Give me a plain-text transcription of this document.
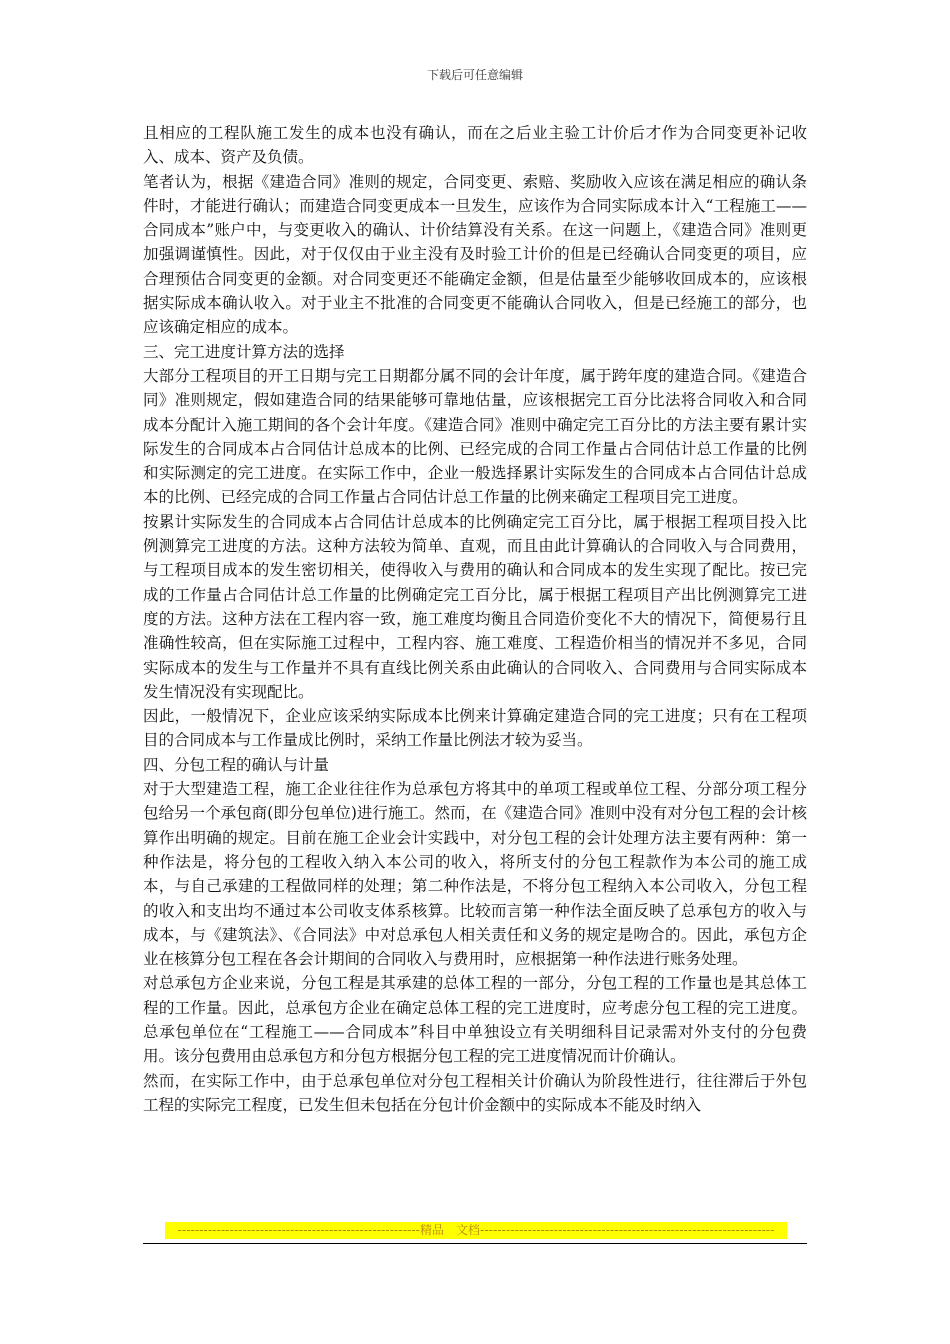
下载后可任意编辑

且相应的工程队施工发生的成本也没有确认，而在之后业主验工计价后才作为合同变更补记收入、成本、资产及负债。

笔者认为，根据《建造合同》准则的规定，合同变更、索赔、奖励收入应该在满足相应的确认条件时，才能进行确认；而建造合同变更成本一旦发生，应该作为合同实际成本计入“工程施工——合同成本”账户中，与变更收入的确认、计价结算没有关系。在这一问题上，《建造合同》准则更加强调谨慎性。因此，对于仅仅由于业主没有及时验工计价的但是已经确认合同变更的项目，应合理预估合同变更的金额。对合同变更还不能确定金额，但是估量至少能够收回成本的，应该根据实际成本确认收入。对于业主不批准的合同变更不能确认合同收入，但是已经施工的部分，也应该确定相应的成本。

三、完工进度计算方法的选择

大部分工程项目的开工日期与完工日期都分属不同的会计年度，属于跨年度的建造合同。《建造合同》准则规定，假如建造合同的结果能够可靠地估量，应该根据完工百分比法将合同收入和合同成本分配计入施工期间的各个会计年度。《建造合同》准则中确定完工百分比的方法主要有累计实际发生的合同成本占合同估计总成本的比例、已经完成的合同工作量占合同估计总工作量的比例和实际测定的完工进度。在实际工作中，企业一般选择累计实际发生的合同成本占合同估计总成本的比例、已经完成的合同工作量占合同估计总工作量的比例来确定工程项目完工进度。

按累计实际发生的合同成本占合同估计总成本的比例确定完工百分比，属于根据工程项目投入比例测算完工进度的方法。这种方法较为简单、直观，而且由此计算确认的合同收入与合同费用，与工程项目成本的发生密切相关，使得收入与费用的确认和合同成本的发生实现了配比。按已完成的工作量占合同估计总工作量的比例确定完工百分比，属于根据工程项目产出比例测算完工进度的方法。这种方法在工程内容一致，施工难度均衡且合同造价变化不大的情况下，简便易行且准确性较高，但在实际施工过程中，工程内容、施工难度、工程造价相当的情况并不多见，合同实际成本的发生与工作量并不具有直线比例关系由此确认的合同收入、合同费用与合同实际成本发生情况没有实现配比。

因此，一般情况下，企业应该采纳实际成本比例来计算确定建造合同的完工进度；只有在工程项目的合同成本与工作量成比例时，采纳工作量比例法才较为妥当。

四、分包工程的确认与计量

对于大型建造工程，施工企业往往作为总承包方将其中的单项工程或单位工程、分部分项工程分包给另一个承包商(即分包单位)进行施工。然而，在《建造合同》准则中没有对分包工程的会计核算作出明确的规定。目前在施工企业会计实践中，对分包工程的会计处理方法主要有两种：第一种作法是，将分包的工程收入纳入本公司的收入，将所支付的分包工程款作为本公司的施工成本，与自己承建的工程做同样的处理；第二种作法是，不将分包工程纳入本公司收入，分包工程的收入和支出均不通过本公司收支体系核算。比较而言第一种作法全面反映了总承包方的收入与成本，与《建筑法》、《合同法》中对总承包人相关责任和义务的规定是吻合的。因此，承包方企业在核算分包工程在各会计期间的合同收入与费用时，应根据第一种作法进行账务处理。

对总承包方企业来说，分包工程是其承建的总体工程的一部分，分包工程的工作量也是其总体工程的工作量。因此，总承包方企业在确定总体工程的完工进度时，应考虑分包工程的完工进度。总承包单位在“工程施工——合同成本”科目中单独设立有关明细科目记录需对外支付的分包费用。该分包费用由总承包方和分包方根据分包工程的完工进度情况而计价确认。

然而，在实际工作中，由于总承包单位对分包工程相关计价确认为阶段性进行，往往滞后于外包工程的实际完工程度，已发生但未包括在分包计价金额中的实际成本不能及时纳入

--------------------------------------------------------精品　文档--------------------------------------------------------------------
